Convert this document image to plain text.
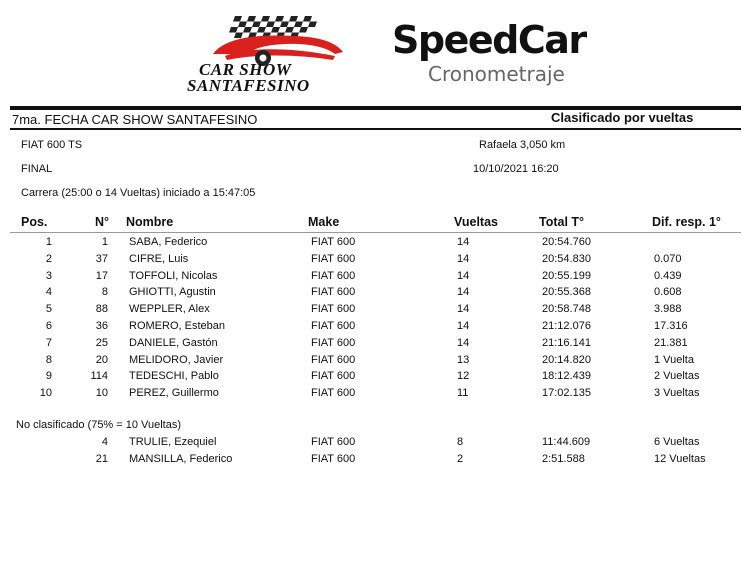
CAR SHOW
SANTAFESINO
SpeedCar
Cronometraje
7ma. FECHA CAR SHOW SANTAFESINO	Clasificado por vueltas
FIAT 600 TS	Rafaela 3,050 km
FINAL	10/10/2021 16:20
Carrera (25:00 o 14 Vueltas) iniciado a 15:47:05
Pos.	N° Nombre	Make	Vueltas	Total T°	Dif. resp. 1°
1	1 SABA, Federico	FIAT 600	14	20:54.760
2	37 CIFRE, Luis	FIAT 600	14	20:54.830	0.070
3	17 TOFFOLI, Nicolas	FIAT 600	14	20:55.199	0.439
4	8 GHIOTTI, Agustin	FIAT 600	14	20:55.368	0.608
5	88 WEPPLER, Alex	FIAT 600	14	20:58.748	3.988
6	36 ROMERO, Esteban	FIAT 600	14	21:12.076	17.316
7	25 DANIELE, Gastón	FIAT 600	14	21:16.141	21.381
8	20 MELIDORO, Javier	FIAT 600	13	20:14.820	1 Vuelta
9	114 TEDESCHI, Pablo	FIAT 600	12	18:12.439	2 Vueltas
10	10 PEREZ, Guillermo	FIAT 600	11	17:02.135	3 Vueltas
No clasificado (75% = 10 Vueltas)
4 TRULIE, Ezequiel	FIAT 600	8	11:44.609	6 Vueltas
21 MANSILLA, Federico	FIAT 600	2	2:51.588	12 Vueltas
